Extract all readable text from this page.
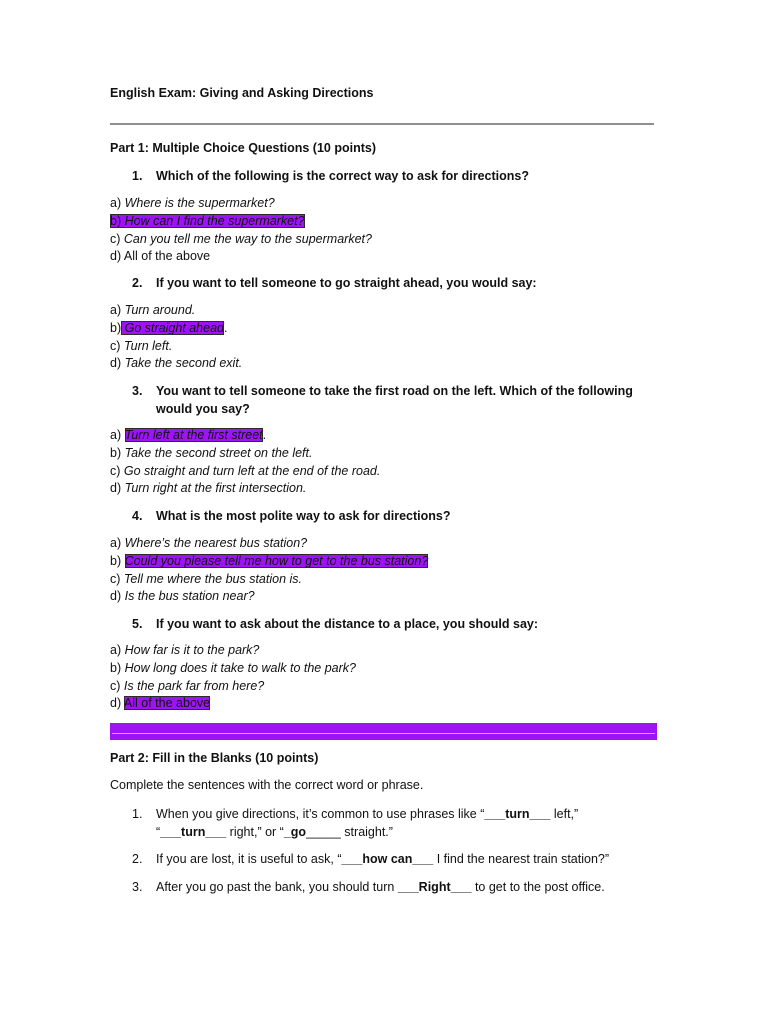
English Exam: Giving and Asking Directions
Part 1: Multiple Choice Questions (10 points)
1. Which of the following is the correct way to ask for directions?
a) Where is the supermarket?
b) How can I find the supermarket?
c) Can you tell me the way to the supermarket?
d) All of the above
2. If you want to tell someone to go straight ahead, you would say:
a) Turn around.
b) Go straight ahead.
c) Turn left.
d) Take the second exit.
3. You want to tell someone to take the first road on the left. Which of the following would you say?
a) Turn left at the first street.
b) Take the second street on the left.
c) Go straight and turn left at the end of the road.
d) Turn right at the first intersection.
4. What is the most polite way to ask for directions?
a) Where’s the nearest bus station?
b) Could you please tell me how to get to the bus station?
c) Tell me where the bus station is.
d) Is the bus station near?
5. If you want to ask about the distance to a place, you should say:
a) How far is it to the park?
b) How long does it take to walk to the park?
c) Is the park far from here?
d) All of the above
Part 2: Fill in the Blanks (10 points)
Complete the sentences with the correct word or phrase.
1. When you give directions, it’s common to use phrases like “___turn___ left,”
“___turn___ right,” or “_go_____ straight.”
2. If you are lost, it is useful to ask, “___how can___ I find the nearest train station?”
3. After you go past the bank, you should turn ___Right___ to get to the post office.
